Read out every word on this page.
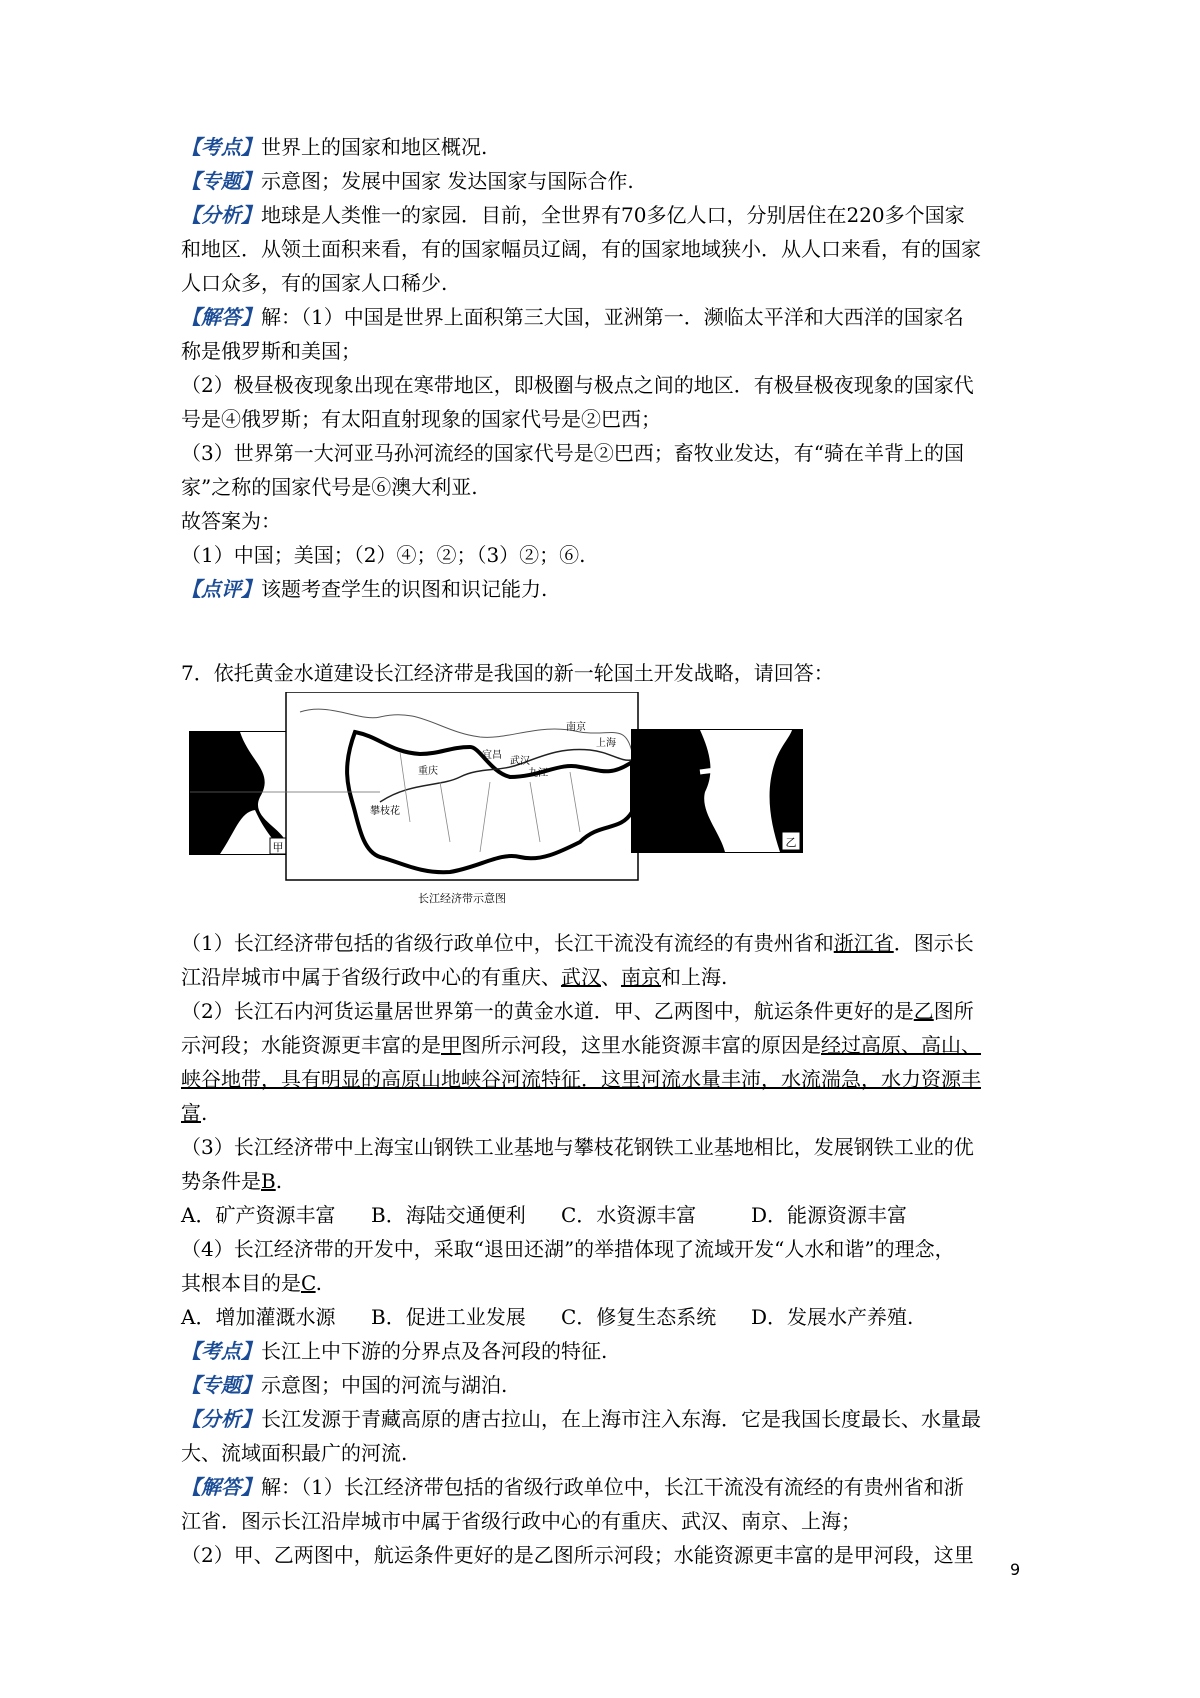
【考点】世界上的国家和地区概况.
【专题】示意图；发展中国家 发达国家与国际合作.
【分析】地球是人类惟一的家园．目前，全世界有70多亿人口，分别居住在220多个国家
和地区．从领土面积来看，有的国家幅员辽阔，有的国家地域狭小．从人口来看，有的国家
人口众多，有的国家人口稀少.
【解答】解：（1）中国是世界上面积第三大国，亚洲第一．濒临太平洋和大西洋的国家名
称是俄罗斯和美国；
（2）极昼极夜现象出现在寒带地区，即极圈与极点之间的地区．有极昼极夜现象的国家代
号是④俄罗斯；有太阳直射现象的国家代号是②巴西；
（3）世界第一大河亚马孙河流经的国家代号是②巴西；畜牧业发达，有“骑在羊背上的国
家”之称的国家代号是⑥澳大利亚.
故答案为：
（1）中国；美国；（2）④；②；（3）②；⑥.
【点评】该题考查学生的识图和识记能力.
7．依托黄金水道建设长江经济带是我国的新一轮国土开发战略，请回答：
甲
重庆
宜昌
武汉
九江
南京
上海
攀枝花
长江经济带示意图
乙
（1）长江经济带包括的省级行政单位中，长江干流没有流经的有贵州省和浙江省．图示长
江沿岸城市中属于省级行政中心的有重庆、武汉、南京和上海.
（2）长江石内河货运量居世界第一的黄金水道．甲、乙两图中，航运条件更好的是乙图所
示河段；水能资源更丰富的是甲图所示河段，这里水能资源丰富的原因是经过高原、高山、
峡谷地带，具有明显的高原山地峡谷河流特征．这里河流水量丰沛，水流湍急，水力资源丰
富.
（3）长江经济带中上海宝山钢铁工业基地与攀枝花钢铁工业基地相比，发展钢铁工业的优
势条件是B.
A．矿产资源丰富 B．海陆交通便利 C．水资源丰富	D．能源资源丰富
（4）长江经济带的开发中，采取“退田还湖”的举措体现了流域开发“人水和谐”的理念，
其根本目的是C.
A．增加灌溉水源 B．促进工业发展 C．修复生态系统 D．发展水产养殖.
【考点】长江上中下游的分界点及各河段的特征.
【专题】示意图；中国的河流与湖泊.
【分析】长江发源于青藏高原的唐古拉山，在上海市注入东海．它是我国长度最长、水量最
大、流域面积最广的河流.
【解答】解：（1）长江经济带包括的省级行政单位中，长江干流没有流经的有贵州省和浙
江省．图示长江沿岸城市中属于省级行政中心的有重庆、武汉、南京、上海；
（2）甲、乙两图中，航运条件更好的是乙图所示河段；水能资源更丰富的是甲河段，这里
9
